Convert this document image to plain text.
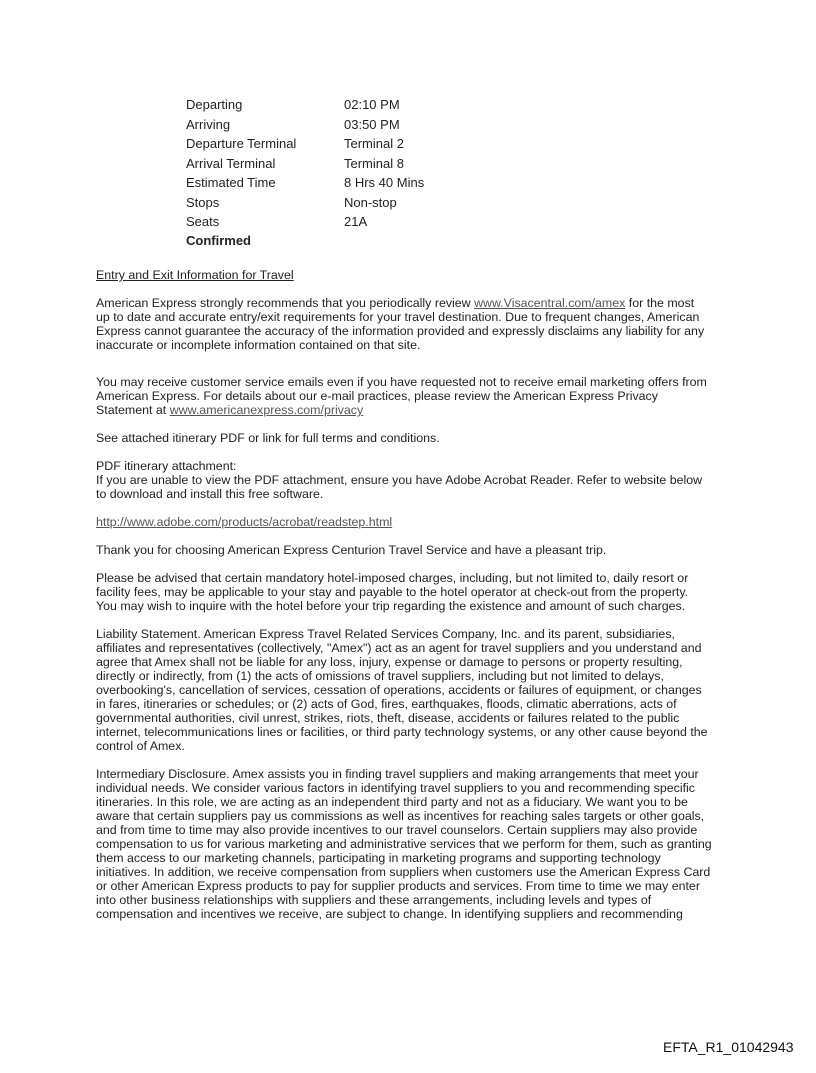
Departing	02:10 PM
Arriving	03:50 PM
Departure Terminal	Terminal 2
Arrival Terminal	Terminal 8
Estimated Time	8 Hrs 40 Mins
Stops	Non-stop
Seats	21A
Confirmed

Entry and Exit Information for Travel

American Express strongly recommends that you periodically review www.Visacentral.com/amex for the most
up to date and accurate entry/exit requirements for your travel destination. Due to frequent changes, American
Express cannot guarantee the accuracy of the information provided and expressly disclaims any liability for any
inaccurate or incomplete information contained on that site.

You may receive customer service emails even if you have requested not to receive email marketing offers from
American Express. For details about our e-mail practices, please review the American Express Privacy
Statement at www.americanexpress.com/privacy

See attached itinerary PDF or link for full terms and conditions.

PDF itinerary attachment:
If you are unable to view the PDF attachment, ensure you have Adobe Acrobat Reader. Refer to website below
to download and install this free software.

http://www.adobe.com/products/acrobat/readstep.html

Thank you for choosing American Express Centurion Travel Service and have a pleasant trip.

Please be advised that certain mandatory hotel-imposed charges, including, but not limited to, daily resort or
facility fees, may be applicable to your stay and payable to the hotel operator at check-out from the property.
You may wish to inquire with the hotel before your trip regarding the existence and amount of such charges.

Liability Statement. American Express Travel Related Services Company, Inc. and its parent, subsidiaries,
affiliates and representatives (collectively, "Amex") act as an agent for travel suppliers and you understand and
agree that Amex shall not be liable for any loss, injury, expense or damage to persons or property resulting,
directly or indirectly, from (1) the acts of omissions of travel suppliers, including but not limited to delays,
overbooking's, cancellation of services, cessation of operations, accidents or failures of equipment, or changes
in fares, itineraries or schedules; or (2) acts of God, fires, earthquakes, floods, climatic aberrations, acts of
governmental authorities, civil unrest, strikes, riots, theft, disease, accidents or failures related to the public
internet, telecommunications lines or facilities, or third party technology systems, or any other cause beyond the
control of Amex.

Intermediary Disclosure. Amex assists you in finding travel suppliers and making arrangements that meet your
individual needs. We consider various factors in identifying travel suppliers to you and recommending specific
itineraries. In this role, we are acting as an independent third party and not as a fiduciary. We want you to be
aware that certain suppliers pay us commissions as well as incentives for reaching sales targets or other goals,
and from time to time may also provide incentives to our travel counselors. Certain suppliers may also provide
compensation to us for various marketing and administrative services that we perform for them, such as granting
them access to our marketing channels, participating in marketing programs and supporting technology
initiatives. In addition, we receive compensation from suppliers when customers use the American Express Card
or other American Express products to pay for supplier products and services. From time to time we may enter
into other business relationships with suppliers and these arrangements, including levels and types of
compensation and incentives we receive, are subject to change. In identifying suppliers and recommending

EFTA_R1_01042943
